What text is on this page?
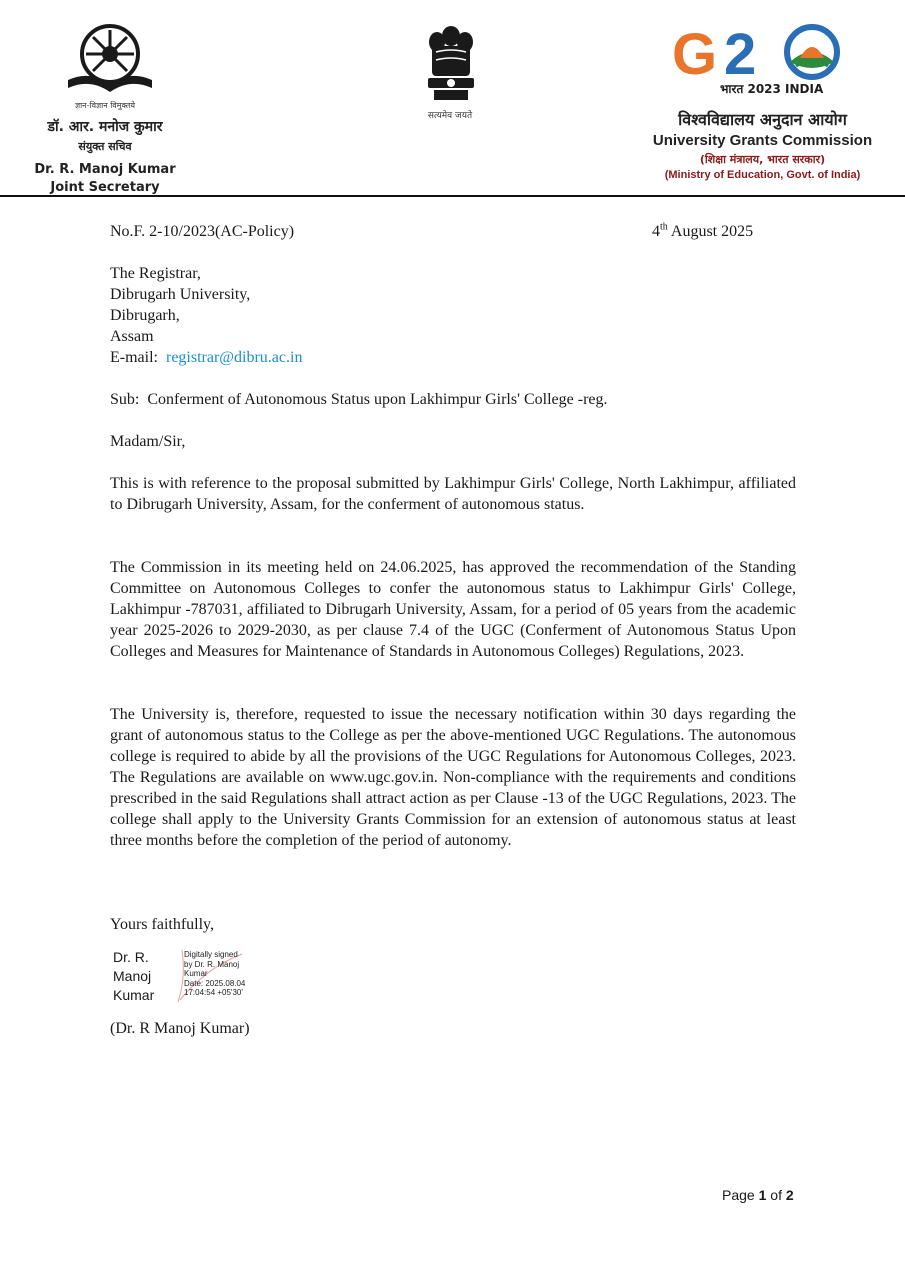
ज्ञान-विज्ञान विमुक्तये
डॉ. आर. मनोज कुमार
संयुक्त सचिव
Dr. R. Manoj Kumar
Joint Secretary
सत्यमेव जयते
G 2
भारत 2023 INDIA
विश्वविद्यालय अनुदान आयोग
University Grants Commission
(शिक्षा मंत्रालय, भारत सरकार)
(Ministry of Education, Govt. of India)
No.F. 2-10/2023(AC-Policy)	4th August 2025
The Registrar,
Dibrugarh University,
Dibrugarh,
Assam
E-mail: registrar@dibru.ac.in
Sub:  Conferment of Autonomous Status upon Lakhimpur Girls' College -reg.
Madam/Sir,
This is with reference to the proposal submitted by Lakhimpur Girls' College, North Lakhimpur, affiliated to Dibrugarh University, Assam, for the conferment of autonomous status.
The Commission in its meeting held on 24.06.2025, has approved the recommendation of the Standing Committee on Autonomous Colleges to confer the autonomous status to Lakhimpur Girls' College, Lakhimpur -787031, affiliated to Dibrugarh University, Assam, for a period of 05 years from the academic year 2025-2026 to 2029-2030, as per clause 7.4 of the UGC (Conferment of Autonomous Status Upon Colleges and Measures for Maintenance of Standards in Autonomous Colleges) Regulations, 2023.
The University is, therefore, requested to issue the necessary notification within 30 days regarding the grant of autonomous status to the College as per the above-mentioned UGC Regulations. The autonomous college is required to abide by all the provisions of the UGC Regulations for Autonomous Colleges, 2023. The Regulations are available on www.ugc.gov.in. Non-compliance with the requirements and conditions prescribed in the said Regulations shall attract action as per Clause -13 of the UGC Regulations, 2023. The college shall apply to the University Grants Commission for an extension of autonomous status at least three months before the completion of the period of autonomy.
Yours faithfully,
Dr. R.
Manoj
Kumar
Digitally signed
by Dr. R. Manoj
Kumar
Date: 2025.08.04
17:04:54 +05'30'
(Dr. R Manoj Kumar)
Page 1 of 2
